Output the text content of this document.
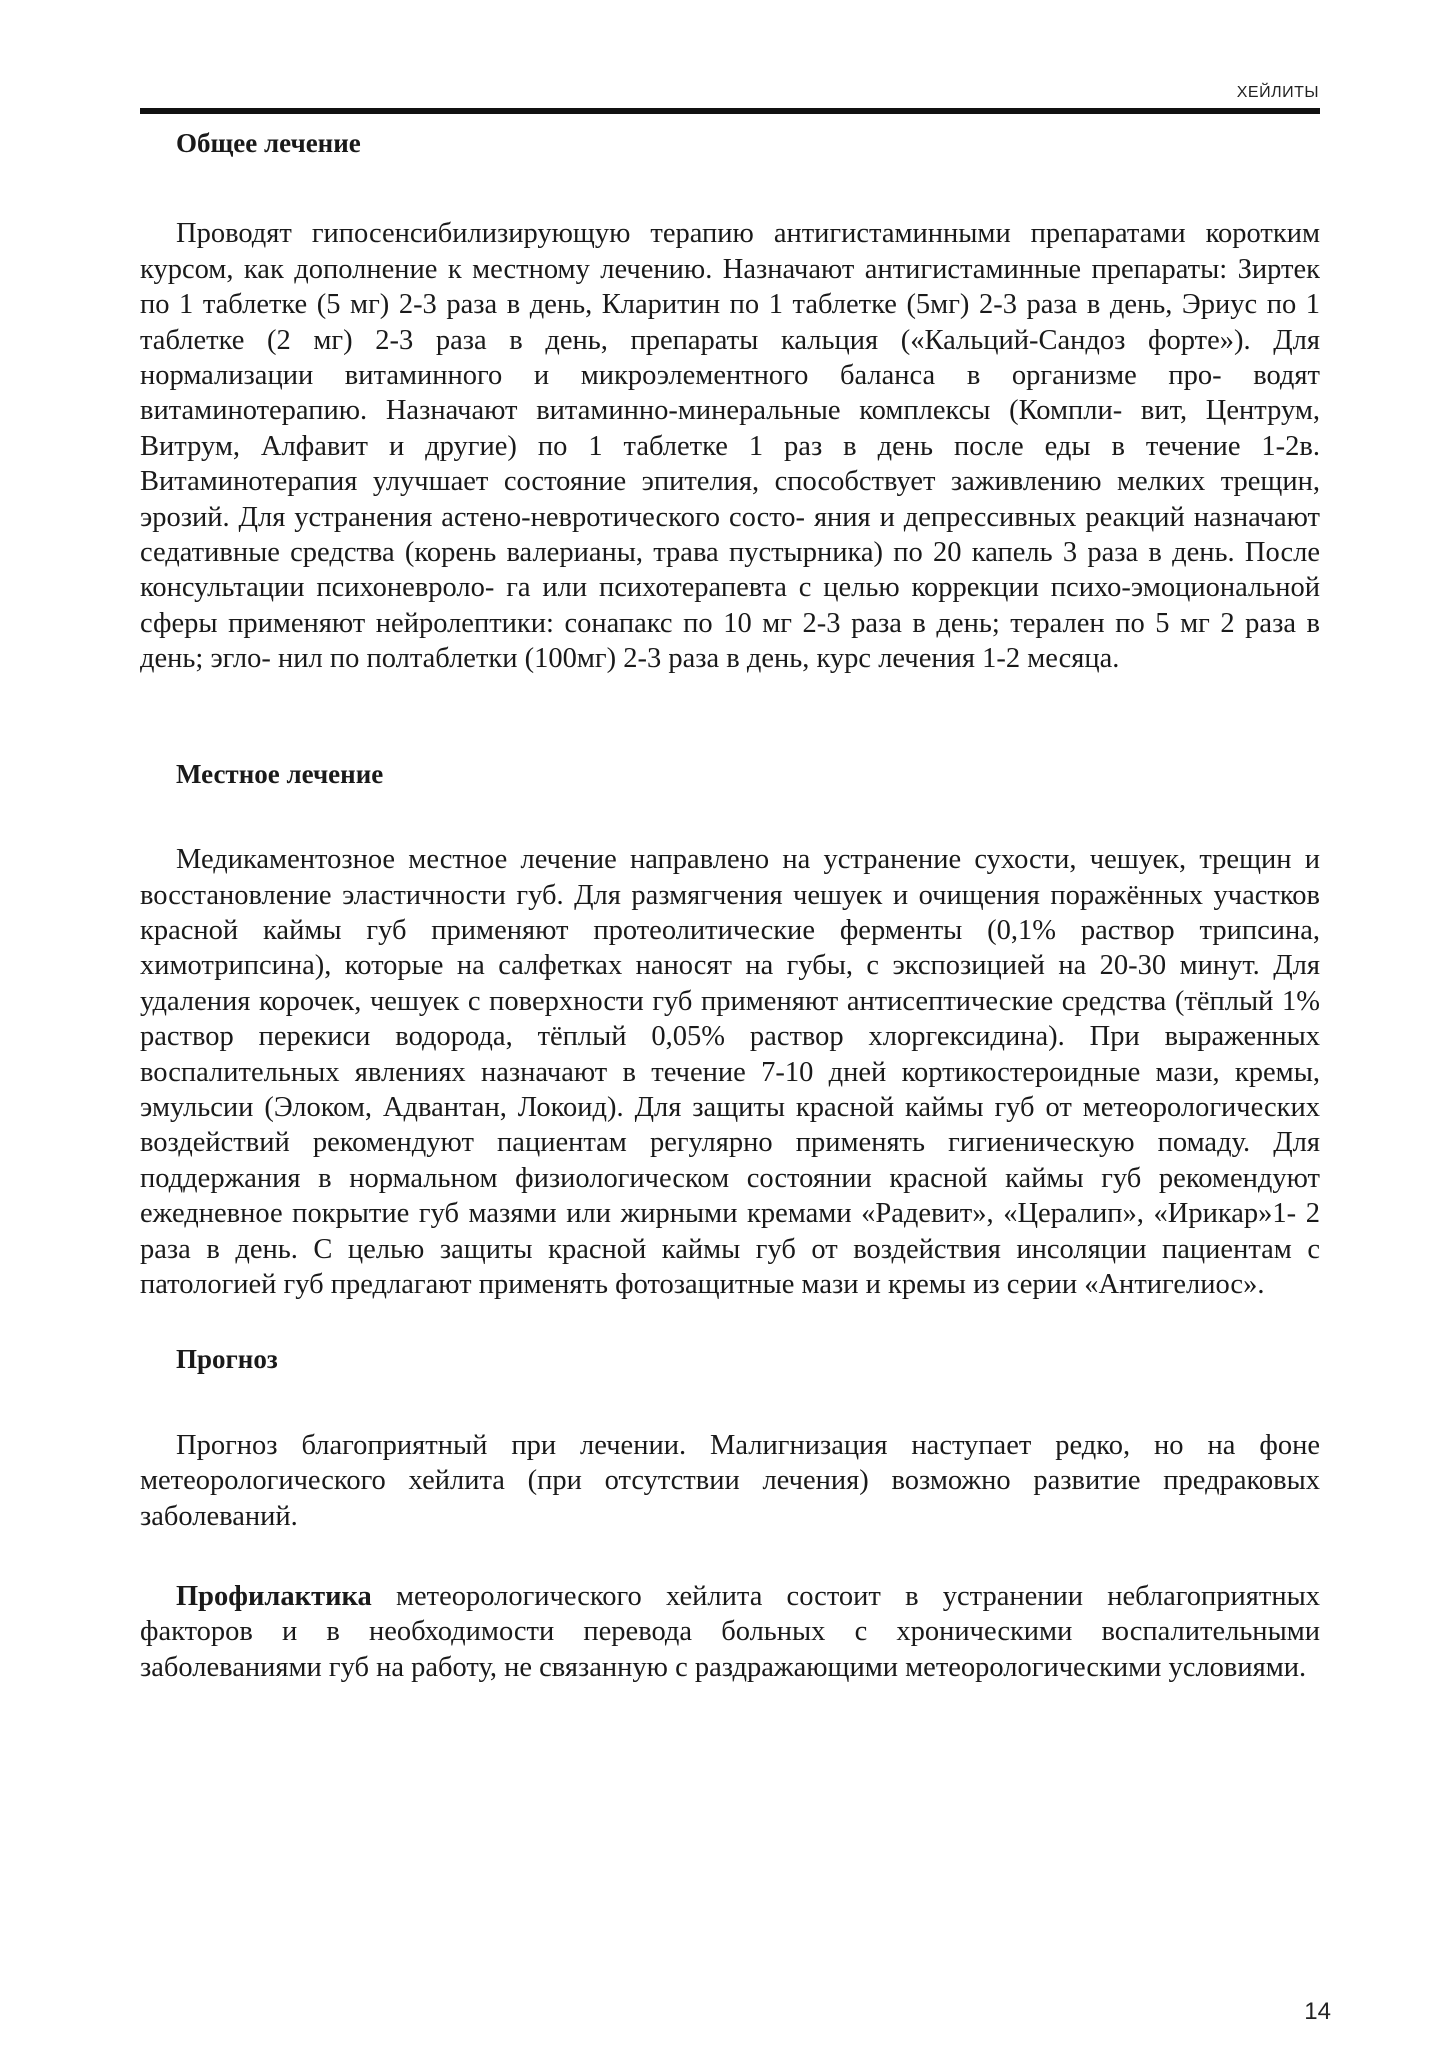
ХЕЙЛИТЫ
Общее лечение

Проводят гипосенсибилизирующую терапию антигистаминными препаратами коротким курсом, как дополнение к местному лечению. Назначают антигистаминные препараты: Зиртек по 1 таблетке (5 мг) 2-3 раза в день, Кларитин по 1 таблетке (5мг) 2-3 раза в день, Эриус по 1 таблетке (2 мг) 2-3 раза в день, препараты кальция («Кальций-Сандоз форте»). Для нормализации витаминного и микроэлементного баланса в организме про- водят витаминотерапию. Назначают витаминно-минеральные комплексы (Компли- вит, Центрум, Витрум, Алфавит и другие) по 1 таблетке 1 раз в день после еды в течение 1-2в. Витаминотерапия улучшает состояние эпителия, способствует заживлению мелких трещин, эрозий. Для устранения астено-невротического состо- яния и депрессивных реакций назначают седативные средства (корень валерианы, трава пустырника) по 20 капель 3 раза в день. После консультации психоневроло- га или психотерапевта с целью коррекции психо-эмоциональной сферы применяют нейролептики: сонапакс по 10 мг 2-3 раза в день; терален по 5 мг 2 раза в день; эгло- нил по полтаблетки (100мг) 2-3 раза в день, курс лечения 1-2 месяца.

Местное лечение

Медикаментозное местное лечение направлено на устранение сухости, чешуек, трещин и восстановление эластичности губ. Для размягчения чешуек и очищения поражённых участков красной каймы губ применяют протеолитические ферменты (0,1% раствор трипсина, химотрипсина), которые на салфетках наносят на губы, с экспозицией на 20-30 минут. Для удаления корочек, чешуек с поверхности губ применяют антисептические средства (тёплый 1% раствор перекиси водорода, тёплый 0,05% раствор хлоргексидина). При выраженных воспалительных явлениях назначают в течение 7-10 дней кортикостероидные мази, кремы, эмульсии (Элоком, Адвантан, Локоид). Для защиты красной каймы губ от метеорологических воздействий рекомендуют пациентам регулярно применять гигиеническую помаду. Для поддержания в нормальном физиологическом состоянии красной каймы губ рекомендуют ежедневное покрытие губ мазями или жирными кремами «Радевит», «Цералип», «Ирикар»1- 2 раза в день. С целью защиты красной каймы губ от воздействия инсоляции пациентам с патологией губ предлагают применять фотозащитные мази и кремы из серии «Антигелиос».

Прогноз

Прогноз благоприятный при лечении. Малигнизация наступает редко, но на фоне метеорологического хейлита (при отсутствии лечения) возможно развитие предраковых заболеваний.

Профилактика метеорологического хейлита состоит в устранении неблагоприятных факторов и в необходимости перевода больных с хроническими воспалительными заболеваниями губ на работу, не связанную с раздражающими метеорологическими условиями.

14
